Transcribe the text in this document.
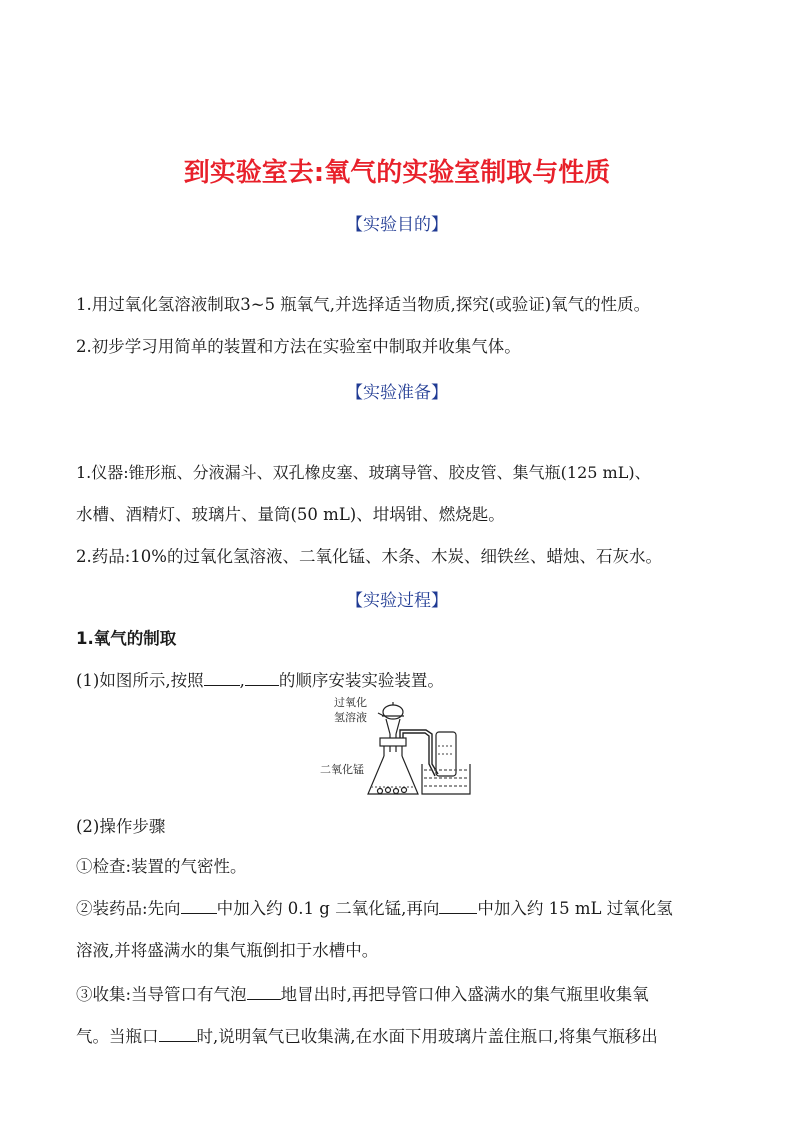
到实验室去:氧气的实验室制取与性质
【实验目的】
1.用过氧化氢溶液制取3~5 瓶氧气,并选择适当物质,探究(或验证)氧气的性质。
2.初步学习用简单的装置和方法在实验室中制取并收集气体。
【实验准备】
1.仪器:锥形瓶、分液漏斗、双孔橡皮塞、玻璃导管、胶皮管、集气瓶(125 mL)、
水槽、酒精灯、玻璃片、量筒(50 mL)、坩埚钳、燃烧匙。
2.药品:10%的过氧化氢溶液、二氧化锰、木条、木炭、细铁丝、蜡烛、石灰水。
【实验过程】
1.氧气的制取
(1)如图所示,按照 , 的顺序安装实验装置。
过氧化
氢溶液
二氧化锰
(2)操作步骤
①检查:装置的气密性。
②装药品:先向 中加入约 0.1 g 二氧化锰,再向 中加入约 15 mL 过氧化氢
溶液,并将盛满水的集气瓶倒扣于水槽中。
③收集:当导管口有气泡 地冒出时,再把导管口伸入盛满水的集气瓶里收集氧
气。当瓶口 时,说明氧气已收集满,在水面下用玻璃片盖住瓶口,将集气瓶移出
